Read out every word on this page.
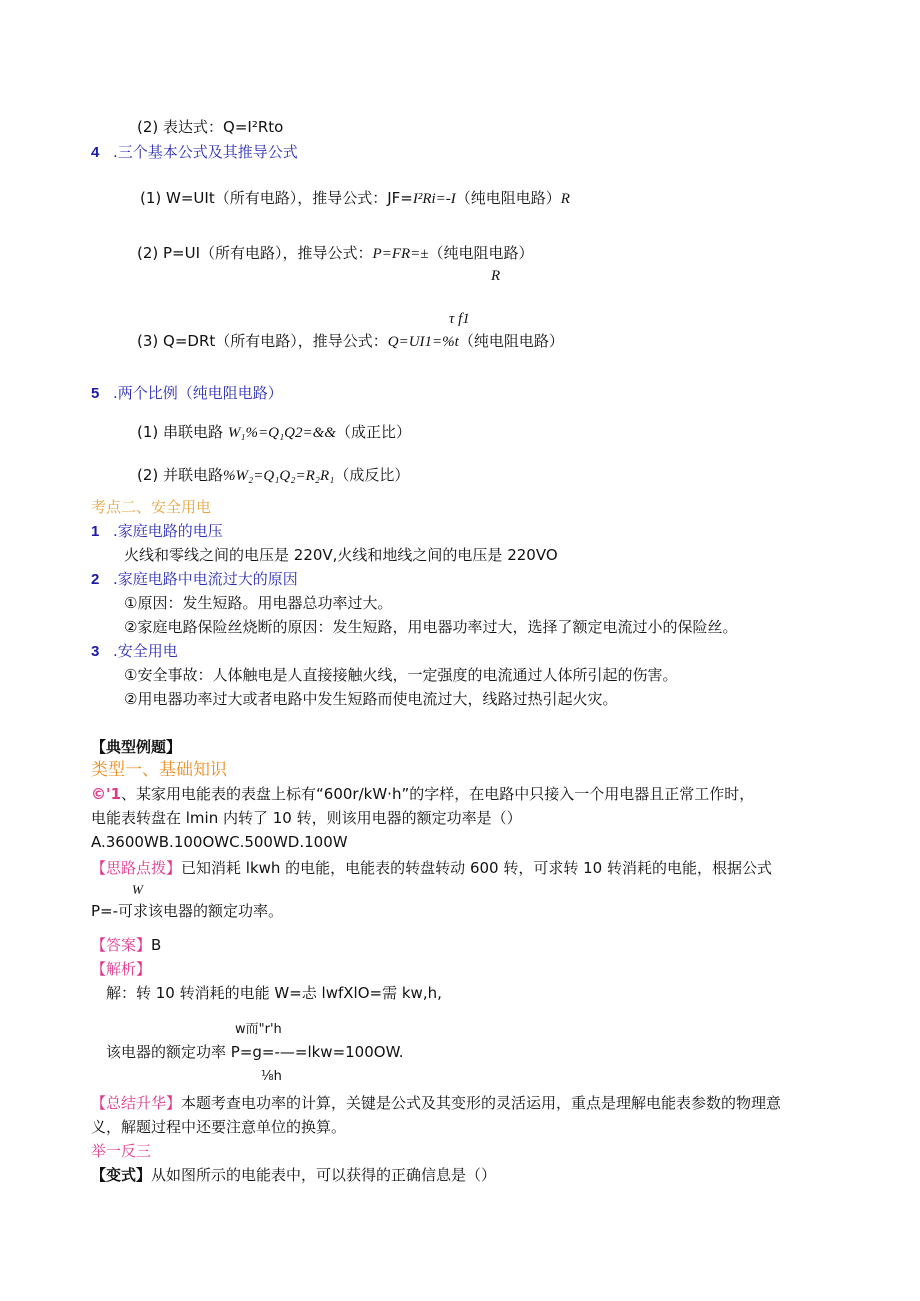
(2) 表达式：Q=I²Rto
4 .三个基本公式及其推导公式
(1) W=UIt（所有电路），推导公式：JF=I²Ri=-I（纯电阻电路）R
(2) P=UI（所有电路），推导公式：P=FR=±（纯电阻电路）
R
τ f1
(3) Q=DRt（所有电路），推导公式：Q=UI1=%t（纯电阻电路）
5 .两个比例（纯电阻电路）
(1) 串联电路 W₁%=Q₁Q2=&&（成正比）
(2) 并联电路%W₂=Q₁Q₂=R₂R₁（成反比）
考点二、安全用电
1 .家庭电路的电压
火线和零线之间的电压是 220V,火线和地线之间的电压是 220VO
2 .家庭电路中电流过大的原因
①原因：发生短路。用电器总功率过大。
②家庭电路保险丝烧断的原因：发生短路，用电器功率过大，选择了额定电流过小的保险丝。
3 .安全用电
①安全事故：人体触电是人直接接触火线，一定强度的电流通过人体所引起的伤害。
②用电器功率过大或者电路中发生短路而使电流过大，线路过热引起火灾。
【典型例题】
类型一、基础知识
©'1、某家用电能表的表盘上标有“600r/kW·h”的字样，在电路中只接入一个用电器且正常工作时，
电能表转盘在 lmin 内转了 10 转，则该用电器的额定功率是（）
A.3600WB.100OWC.500WD.100W
【思路点拨】已知消耗 lkwh 的电能，电能表的转盘转动 600 转，可求转 10 转消耗的电能，根据公式
W
P=-可求该电器的额定功率。
【答案】B
【解析】
解：转 10 转消耗的电能 W=忐 lwfXlO=需 kw,h,
w而"r'h
该电器的额定功率 P=g=-—=lkw=100OW.
⅛h
【总结升华】本题考查电功率的计算，关键是公式及其变形的灵活运用，重点是理解电能表参数的物理意
义，解题过程中还要注意单位的换算。
举一反三
【变式】从如图所示的电能表中，可以获得的正确信息是（）
